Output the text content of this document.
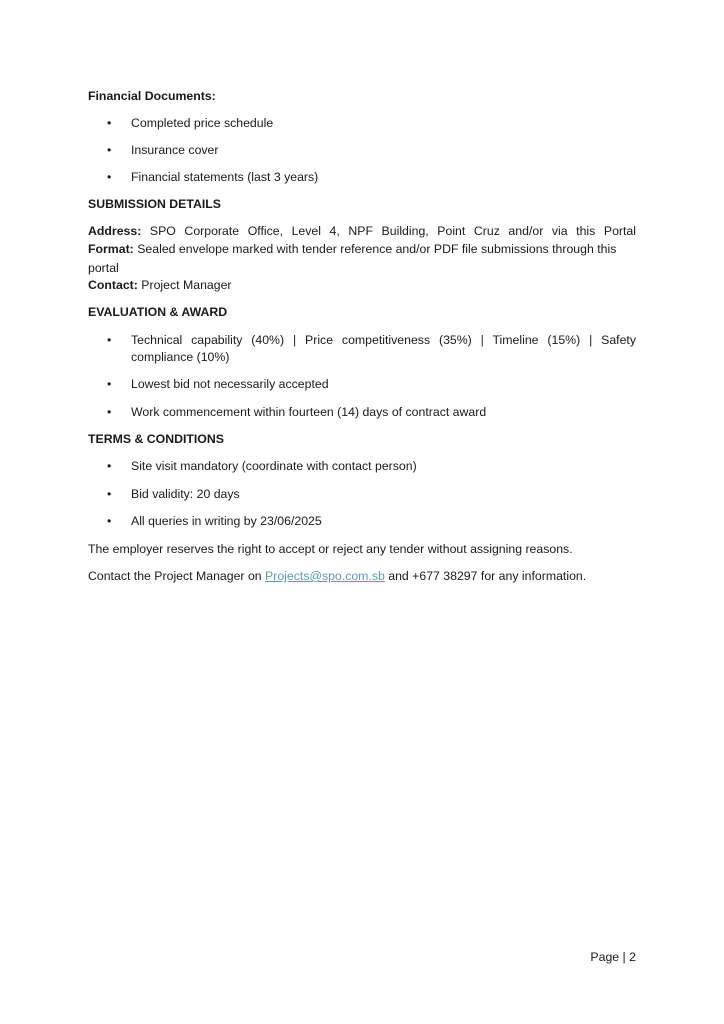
Financial Documents:
• Completed price schedule
• Insurance cover
• Financial statements (last 3 years)
SUBMISSION DETAILS
Address: SPO Corporate Office, Level 4, NPF Building, Point Cruz and/or via this Portal
Format: Sealed envelope marked with tender reference and/or PDF file submissions through this
portal
Contact: Project Manager
EVALUATION & AWARD
• Technical capability (40%) | Price competitiveness (35%) | Timeline (15%) | Safety
compliance (10%)
• Lowest bid not necessarily accepted
• Work commencement within fourteen (14) days of contract award
TERMS & CONDITIONS
• Site visit mandatory (coordinate with contact person)
• Bid validity: 20 days
• All queries in writing by 23/06/2025
The employer reserves the right to accept or reject any tender without assigning reasons.
Contact the Project Manager on Projects@spo.com.sb and +677 38297 for any information.
Page | 2
